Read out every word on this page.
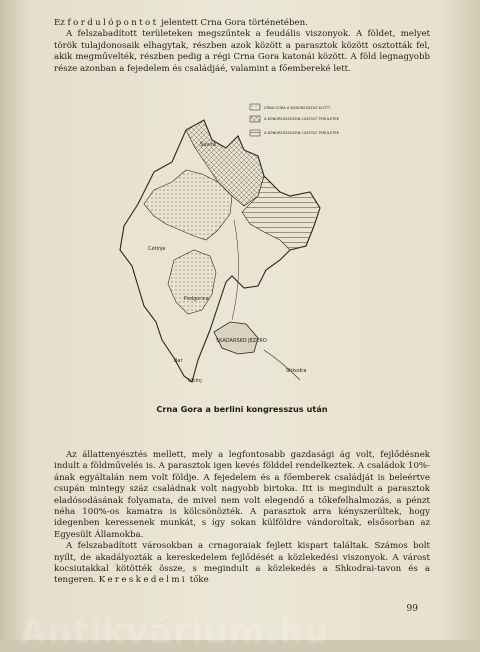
Ez fordulópontot jelentett Crna Gora történetében.

A felszabadított területeken megszűntek a feudális viszonyok. A földet, melyet török tulajdonosaik elhagytak, részben azok között a parasztok között osztották fel, akik megművelték, részben pedig a régi Crna Gora katonái között. A föld legnagyobb része azonban a fejedelem és családjáé, valamint a főembereké lett.

Šavnik
Cetinje
Podgorica
Bar
Ulcinj
SKADARSKO JEZERO
Shkodra
CRNA GORA A KONGRESSZUS ELŐTT
A KONGRESSZUSON CSATOLT TERÜLETEK
A KONGRESSZUSON CSATOLT TERÜLETEK
Crna Gora a berlini kongresszus után

Az állattenyésztés mellett, mely a legfontosabb gazdasági ág volt, fejlődésnek indult a földművelés is. A parasztok igen kevés földdel rendelkeztek. A családok 10%-ának egyáltalán nem volt földje. A fejedelem és a főemberek családját is beleértve csupán mintegy száz családnak volt nagyobb birtoka. Itt is megindult a parasztok eladósodásának folyamata, de mivel nem volt elegendő a tőkefelhalmozás, a pénzt néha 100%-os kamatra is kölcsönözték. A parasztok arra kényszerültek, hogy idegenben keressenek munkát, s így sokan külföldre vándoroltak, elsősorban az Egyesült Államokba.

A felszabadított városokban a crnagoraiak fejlett kispart találtak. Számos bolt nyílt, de akadályozták a kereskedelem fejlődését a közlekedési viszonyok. A várost kocsiutakkal kötötték össze, s megindult a közlekedés a Shkodrai-tavon és a tengeren. Kereskedelmi tőke

99
Antikvárium.hu
